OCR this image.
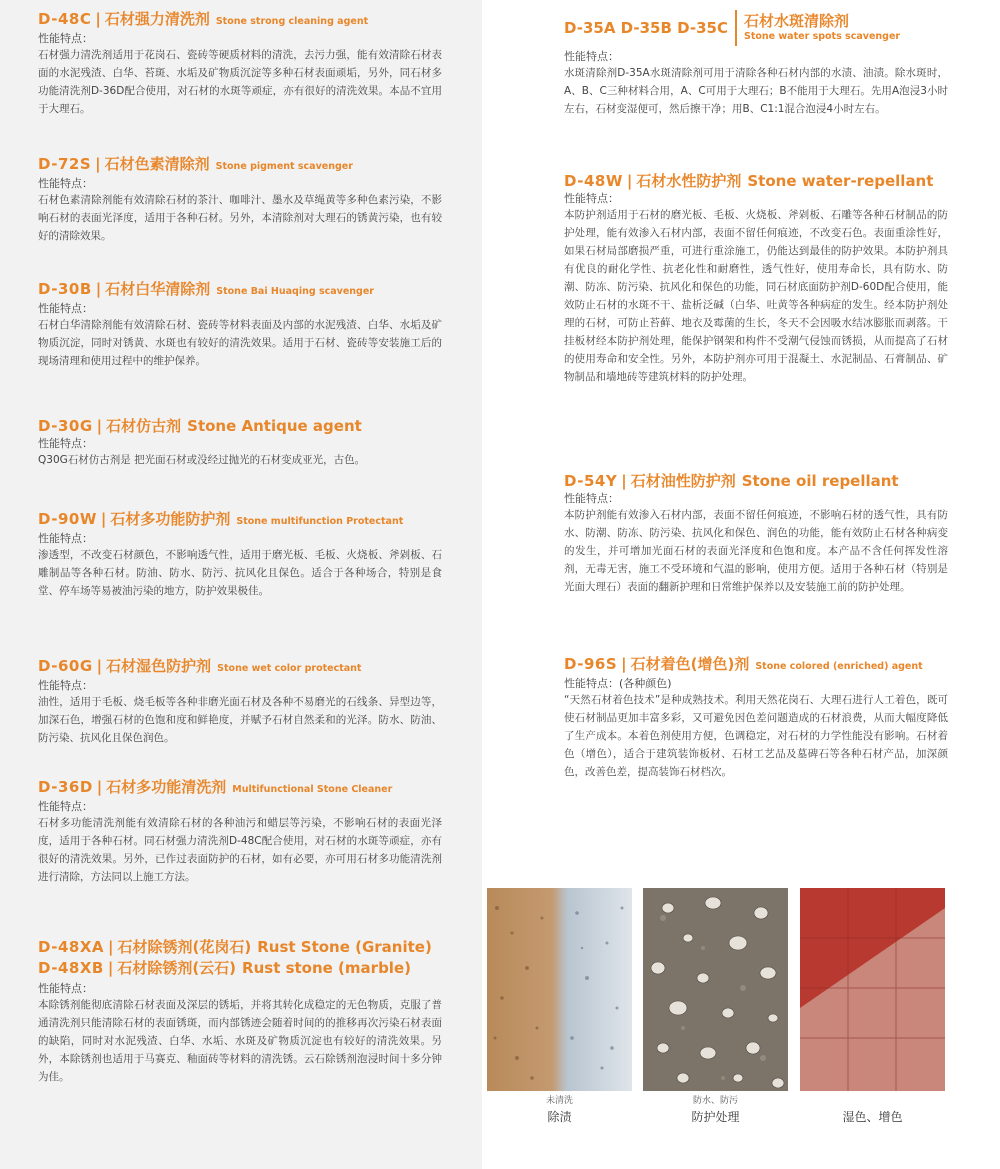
D-48C | 石材强力清洗剂 Stone strong cleaning agent
性能特点：
石材强力清洗剂适用于花岗石、瓷砖等硬质材料的清洗，去污力强，能有效清除石材表面的水泥残渣、白华、苔斑、水垢及矿物质沉淀等多种石材表面顽垢，另外，同石材多功能清洗剂D-36D配合使用，对石材的水斑等顽症，亦有很好的清洗效果。本品不宜用于大理石。
D-72S | 石材色素清除剂 Stone pigment scavenger
性能特点：
石材色素清除剂能有效清除石材的茶汁、咖啡汁、墨水及草绳黄等多种色素污染，不影响石材的表面光泽度，适用于各种石材。另外，本清除剂对大理石的锈黄污染，也有较好的清除效果。
D-30B | 石材白华清除剂 Stone Bai Huaqing scavenger
性能特点：
石材白华清除剂能有效清除石材、瓷砖等材料表面及内部的水泥残渣、白华、水垢及矿物质沉淀，同时对锈黄、水斑也有较好的清洗效果。适用于石材、瓷砖等安装施工后的现场清理和使用过程中的维护保养。
D-30G | 石材仿古剂 Stone Antique agent
性能特点：
Q30G石材仿古剂是 把光面石材或没经过抛光的石材变成亚光，古色。
D-90W | 石材多功能防护剂 Stone multifunction Protectant
性能特点：
渗透型，不改变石材颜色，不影响透气性，适用于磨光板、毛板、火烧板、斧剁板、石雕制品等各种石材。防油、防水、防污、抗风化且保色。适合于各种场合，特别是食堂、停车场等易被油污染的地方，防护效果极佳。
D-60G | 石材湿色防护剂 Stone wet color protectant
性能特点：
油性，适用于毛板、烧毛板等各种非磨光面石材及各种不易磨光的石线条、异型边等，加深石色，增强石材的色饱和度和鲜艳度，并赋予石材自然柔和的光泽。防水、防油、防污染、抗风化且保色润色。
D-36D | 石材多功能清洗剂 Multifunctional Stone Cleaner
性能特点：
石材多功能清洗剂能有效清除石材的各种油污和蜡层等污染，不影响石材的表面光泽度，适用于各种石材。同石材强力清洗剂D-48C配合使用，对石材的水斑等顽症，亦有很好的清洗效果。另外，已作过表面防护的石材，如有必要，亦可用石材多功能清洗剂进行清除，方法同以上施工方法。
D-48XA | 石材除锈剂(花岗石) Rust Stone (Granite)
D-48XB | 石材除锈剂(云石) Rust stone (marble)
性能特点：
本除锈剂能彻底清除石材表面及深层的锈垢，并将其转化成稳定的无色物质，克服了普通清洗剂只能清除石材的表面锈斑，而内部锈迹会随着时间的的推移再次污染石材表面的缺陷，同时对水泥残渣、白华、水垢、水斑及矿物质沉淀也有较好的清洗效果。另外，本除锈剂也适用于马赛克、釉面砖等材料的清洗锈。云石除锈剂泡浸时间十多分钟为佳。
D-35A D-35B D-35C 石材水斑清除剂
Stone water spots scavenger
性能特点：
水斑清除剂D-35A水斑清除剂可用于清除各种石材内部的水渍、油渍。除水斑时，A、B、C三种材料合用，A、C可用于大理石；B不能用于大理石。先用A泡浸3小时左右，石材变湿便可，然后擦干净；用B、C1:1混合泡浸4小时左右。
D-48W | 石材水性防护剂 Stone water-repellant
性能特点：
本防护剂适用于石材的磨光板、毛板、火烧板、斧剁板、石雕等各种石材制品的防护处理，能有效渗入石材内部，表面不留任何痕迹，不改变石色。表面重涂性好，如果石材局部磨损严重，可进行重涂施工，仍能达到最佳的防护效果。本防护剂具有优良的耐化学性、抗老化性和耐磨性，透气性好，使用寿命长，具有防水、防潮、防冻、防污染、抗风化和保色的功能，同石材底面防护剂D-60D配合使用，能效防止石材的水斑不干、盐析泛碱（白华、吐黄等各种病症的发生。经本防护剂处理的石材，可防止苔藓、地衣及霉菌的生长，冬天不会因吸水结冰膨胀而剥落。干挂板材经本防护剂处理，能保护钢架和构件不受潮气侵蚀而锈损，从而提高了石材的使用寿命和安全性。另外，本防护剂亦可用于混凝土、水泥制品、石膏制品、矿物制品和墙地砖等建筑材料的防护处理。
D-54Y | 石材油性防护剂 Stone oil repellant
性能特点：
本防护剂能有效渗入石材内部，表面不留任何痕迹，不影响石材的透气性，具有防水、防潮、防冻、防污染、抗风化和保色、润色的功能，能有效防止石材各种病变的发生，并可增加光面石材的表面光泽度和色饱和度。本产品不含任何挥发性溶剂，无毒无害，施工不受环境和气温的影响，使用方便。适用于各种石材（特别是光面大理石）表面的翻新护理和日常维护保养以及安装施工前的防护处理。
D-96S | 石材着色(增色)剂 Stone colored (enriched) agent
性能特点：(各种颜色)
“天然石材着色技术”是种成熟技术。利用天然花岗石、大理石进行人工着色，既可使石材制品更加丰富多彩，又可避免因色差问题造成的石材浪费，从而大幅度降低了生产成本。本着色剂使用方便，色调稳定，对石材的力学性能没有影响。石材着色（增色），适合于建筑装饰板材、石材工艺品及墓碑石等各种石材产品，加深颜色，改善色差，提高装饰石材档次。
未清洗
除渍
防水、防污
防护处理	湿色、增色
